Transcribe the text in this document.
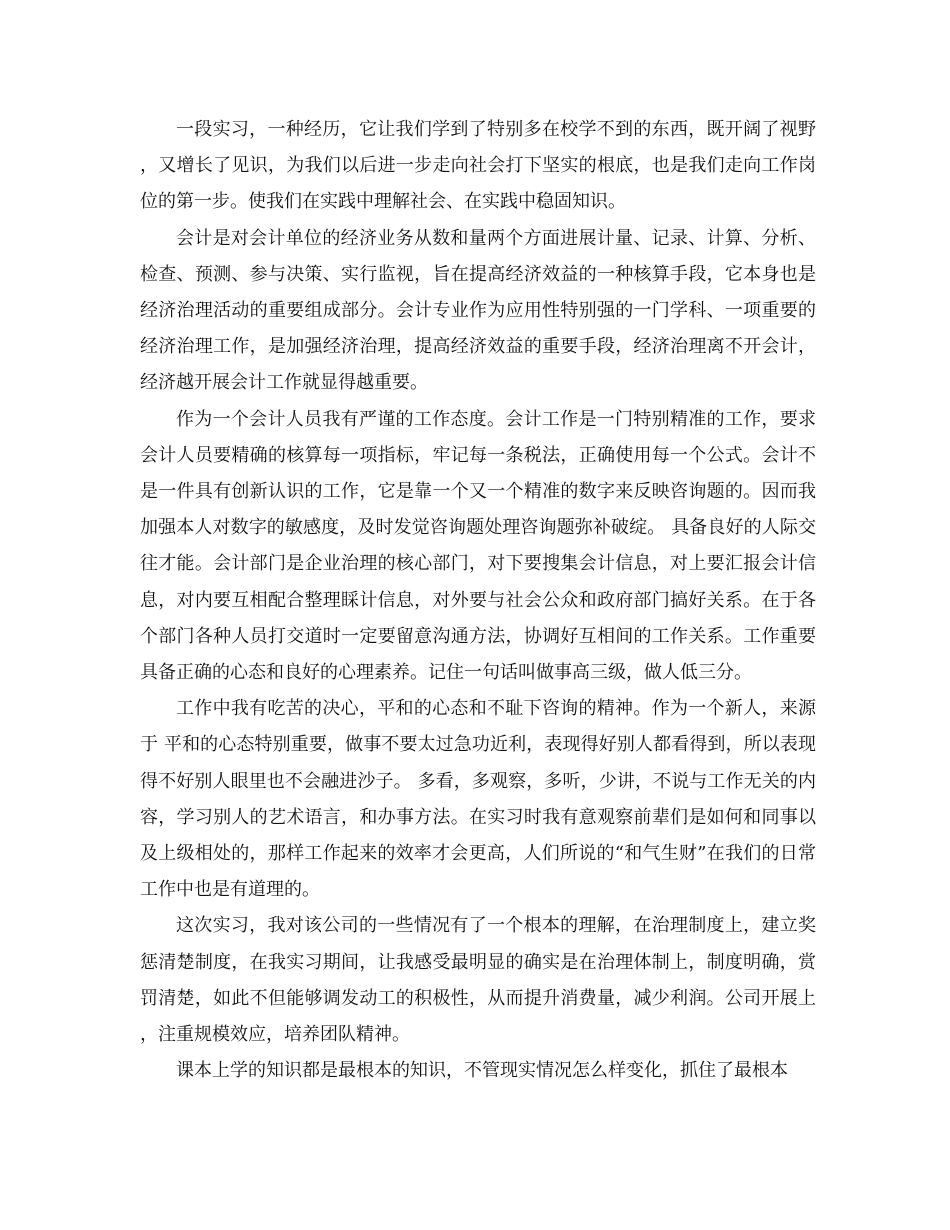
一段实习，一种经历，它让我们学到了特别多在校学不到的东西，既开阔了视野，又增长了见识，为我们以后进一步走向社会打下坚实的根底，也是我们走向工作岗位的第一步。使我们在实践中理解社会、在实践中稳固知识。

会计是对会计单位的经济业务从数和量两个方面进展计量、记录、计算、分析、检查、预测、参与决策、实行监视，旨在提高经济效益的一种核算手段，它本身也是经济治理活动的重要组成部分。会计专业作为应用性特别强的一门学科、一项重要的经济治理工作，是加强经济治理，提高经济效益的重要手段，经济治理离不开会计，经济越开展会计工作就显得越重要。

作为一个会计人员我有严谨的工作态度。会计工作是一门特别精准的工作，要求会计人员要精确的核算每一项指标，牢记每一条税法，正确使用每一个公式。会计不是一件具有创新认识的工作，它是靠一个又一个精准的数字来反映咨询题的。因而我加强本人对数字的敏感度，及时发觉咨询题处理咨询题弥补破绽。 具备良好的人际交往才能。会计部门是企业治理的核心部门，对下要搜集会计信息，对上要汇报会计信息，对内要互相配合整理睬计信息，对外要与社会公众和政府部门搞好关系。在于各个部门各种人员打交道时一定要留意沟通方法，协调好互相间的工作关系。工作重要具备正确的心态和良好的心理素养。记住一句话叫做事高三级，做人低三分。

工作中我有吃苦的决心，平和的心态和不耻下咨询的精神。作为一个新人，来源于 平和的心态特别重要，做事不要太过急功近利，表现得好别人都看得到，所以表现得不好别人眼里也不会融进沙子。 多看，多观察，多听，少讲，不说与工作无关的内容，学习别人的艺术语言，和办事方法。在实习时我有意观察前辈们是如何和同事以及上级相处的，那样工作起来的效率才会更高，人们所说的“和气生财”在我们的日常工作中也是有道理的。

这次实习，我对该公司的一些情况有了一个根本的理解，在治理制度上，建立奖惩清楚制度，在我实习期间，让我感受最明显的确实是在治理体制上，制度明确，赏罚清楚，如此不但能够调发动工的积极性，从而提升消费量，减少利润。公司开展上，注重规模效应，培养团队精神。

课本上学的知识都是最根本的知识，不管现实情况怎么样变化，抓住了最根本
